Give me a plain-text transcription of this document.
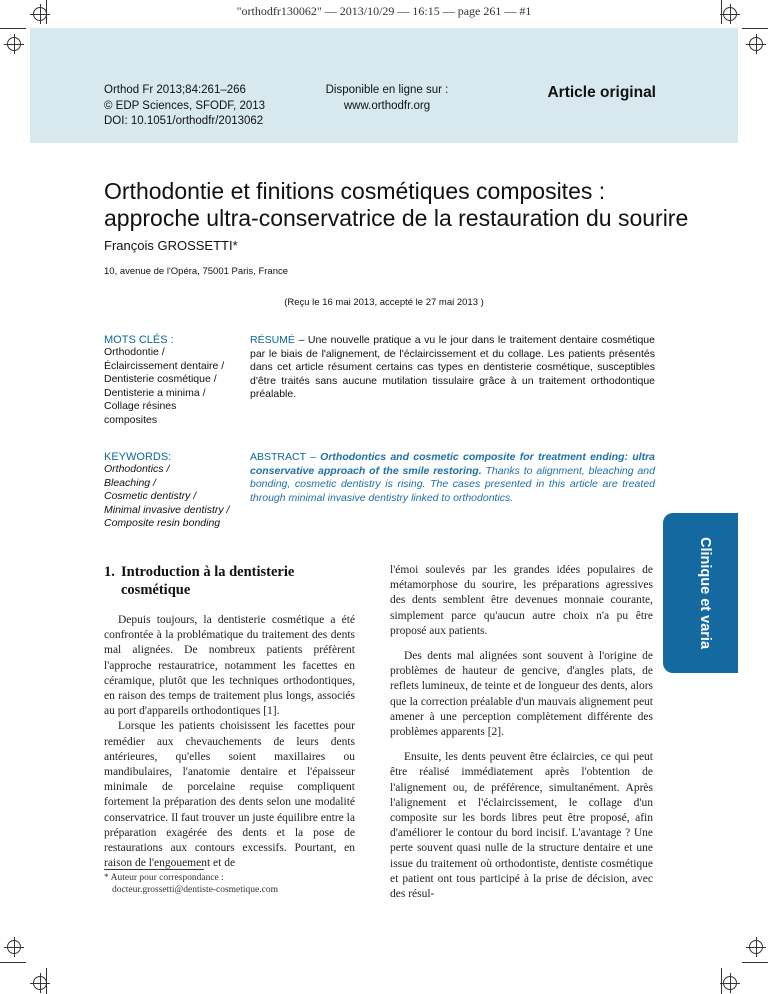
"orthodfr130062" — 2013/10/29 — 16:15 — page 261 — #1
Orthod Fr 2013;84:261–266
© EDP Sciences, SFODF, 2013
DOI: 10.1051/orthodfr/2013062
Disponible en ligne sur :
www.orthodfr.org
Article original
Orthodontie et finitions cosmétiques composites :
approche ultra-conservatrice de la restauration du sourire
François GROSSETTI*
10, avenue de l'Opéra, 75001 Paris, France
(Reçu le 16 mai 2013, accepté le 27 mai 2013 )
MOTS CLÉS :
Orthodontie /
Éclaircissement dentaire /
Dentisterie cosmétique /
Dentisterie a minima /
Collage résines
composites
RÉSUMÉ – Une nouvelle pratique a vu le jour dans le traitement dentaire cosmétique par le biais de l'alignement, de l'éclaircissement et du collage. Les patients présentés dans cet article résument certains cas types en dentisterie cosmétique, susceptibles d'être traités sans aucune mutilation tissulaire grâce à un traitement orthodontique préalable.
KEYWORDS:
Orthodontics /
Bleaching /
Cosmetic dentistry /
Minimal invasive dentistry /
Composite resin bonding
ABSTRACT – Orthodontics and cosmetic composite for treatment ending: ultra conservative approach of the smile restoring. Thanks to alignment, bleaching and bonding, cosmetic dentistry is rising. The cases presented in this article are treated through minimal invasive dentistry linked to orthodontics.
Clinique et varia
1. Introduction à la dentisterie
cosmétique

Depuis toujours, la dentisterie cosmétique a été confrontée à la problématique du traitement des dents mal alignées. De nombreux patients préfèrent l'approche restauratrice, notamment les facettes en céramique, plutôt que les techniques orthodontiques, en raison des temps de traitement plus longs, associés au port d'appareils orthodontiques [1].

Lorsque les patients choisissent les facettes pour remédier aux chevauchements de leurs dents antérieures, qu'elles soient maxillaires ou mandibulaires, l'anatomie dentaire et l'épaisseur minimale de porcelaine requise compliquent fortement la préparation des dents selon une modalité conservatrice. Il faut trouver un juste équilibre entre la préparation exagérée des dents et la pose de restaurations aux contours excessifs. Pourtant, en raison de l'engouement et de

l'émoi soulevés par les grandes idées populaires de métamorphose du sourire, les préparations agressives des dents semblent être devenues monnaie courante, simplement parce qu'aucun autre choix n'a pu être proposé aux patients.

Des dents mal alignées sont souvent à l'origine de problèmes de hauteur de gencive, d'angles plats, de reflets lumineux, de teinte et de longueur des dents, alors que la correction préalable d'un mauvais alignement peut amener à une perception complètement différente des problèmes apparents [2].

Ensuite, les dents peuvent être éclaircies, ce qui peut être réalisé immédiatement après l'obtention de l'alignement ou, de préférence, simultanément. Après l'alignement et l'éclaircissement, le collage d'un composite sur les bords libres peut être proposé, afin d'améliorer le contour du bord incisif. L'avantage ? Une perte souvent quasi nulle de la structure dentaire et une issue du traitement où orthodontiste, dentiste cosmétique et patient ont tous participé à la prise de décision, avec des résul-

* Auteur pour correspondance :
docteur.grossetti@dentiste-cosmetique.com
